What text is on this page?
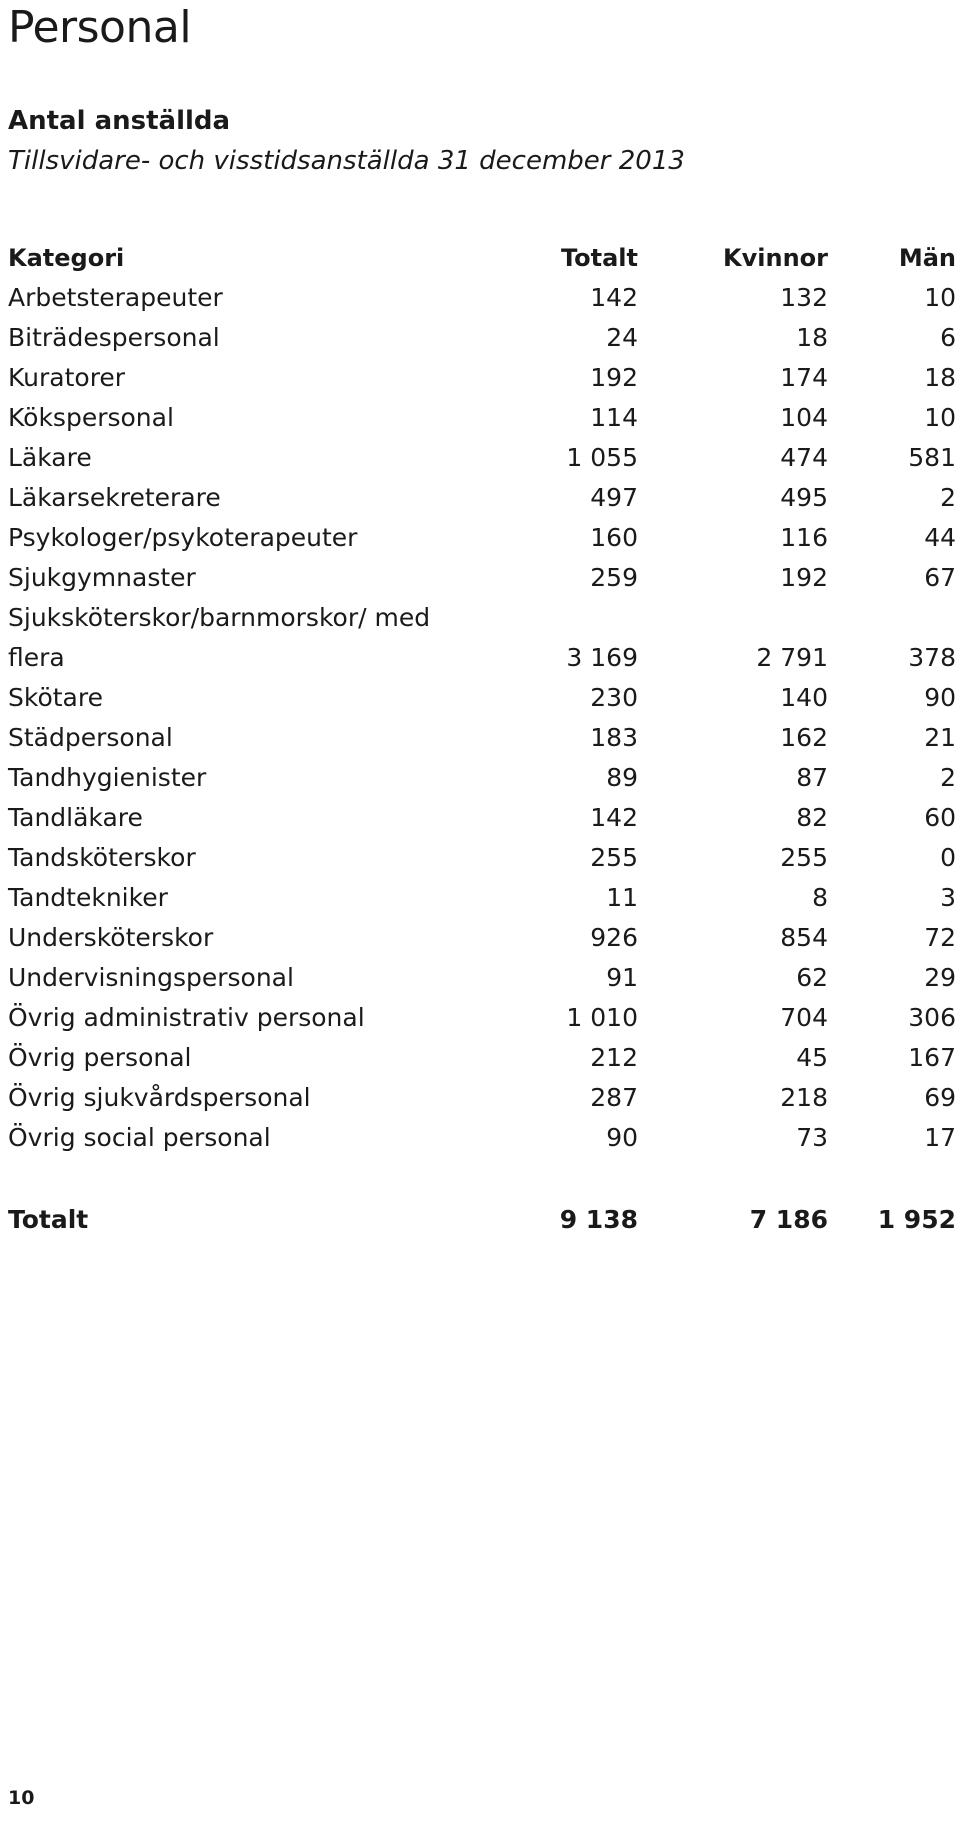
Personal
Antal anställda
Tillsvidare- och visstidsanställda 31 december 2013
Kategori	Totalt	Kvinnor	Män
Arbetsterapeuter	142	132	10
Biträdespersonal	24	18	6
Kuratorer	192	174	18
Kökspersonal	114	104	10
Läkare	1 055	474	581
Läkarsekreterare	497	495	2
Psykologer/psykoterapeuter	160	116	44
Sjukgymnaster	259	192	67
Sjuksköterskor/barnmorskor/ med flera	3 169	2 791	378
Skötare	230	140	90
Städpersonal	183	162	21
Tandhygienister	89	87	2
Tandläkare	142	82	60
Tandsköterskor	255	255	0
Tandtekniker	11	8	3
Undersköterskor	926	854	72
Undervisningspersonal	91	62	29
Övrig administrativ personal	1 010	704	306
Övrig personal	212	45	167
Övrig sjukvårdspersonal	287	218	69
Övrig social personal	90	73	17
Totalt	9 138	7 186	1 952
10
